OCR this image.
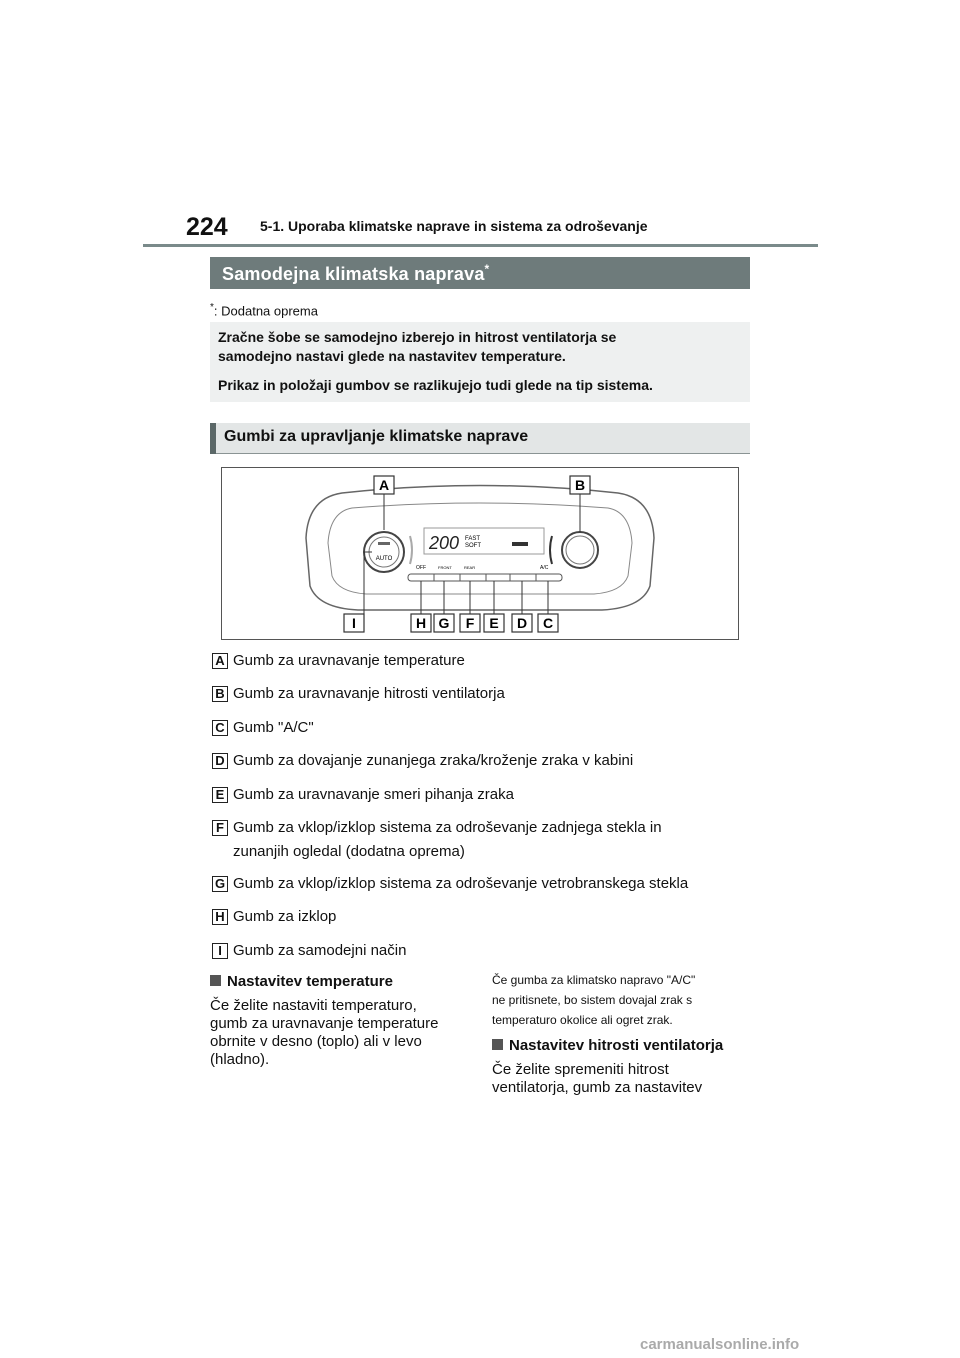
224 5-1. Uporaba klimatske naprave in sistema za odroševanje
Samodejna klimatska naprava*
*: Dodatna oprema
Zračne šobe se samodejno izberejo in hitrost ventilatorja se
samodejno nastavi glede na nastavitev temperature.
Prikaz in položaji gumbov se razlikujejo tudi glede na tip sistema.
Gumbi za upravljanje klimatske naprave
AUTO
200 FAST
SOFT
OFF	FRONT	REAR	A/C
A	B
I	H G F E D C
A Gumb za uravnavanje temperature
B Gumb za uravnavanje hitrosti ventilatorja
C Gumb "A/C"
D Gumb za dovajanje zunanjega zraka/kroženje zraka v kabini
E Gumb za uravnavanje smeri pihanja zraka
F Gumb za vklop/izklop sistema za odroševanje zadnjega stekla in
zunanjih ogledal (dodatna oprema)
G Gumb za vklop/izklop sistema za odroševanje vetrobranskega stekla
H Gumb za izklop
I Gumb za samodejni način
Nastavitev temperature
Če želite nastaviti temperaturo,
gumb za uravnavanje temperature
obrnite v desno (toplo) ali v levo
(hladno).
Če gumba za klimatsko napravo "A/C"
ne pritisnete, bo sistem dovajal zrak s
temperaturo okolice ali ogret zrak.
Nastavitev hitrosti ventilatorja
Če želite spremeniti hitrost
ventilatorja, gumb za nastavitev
carmanualsonline.info
